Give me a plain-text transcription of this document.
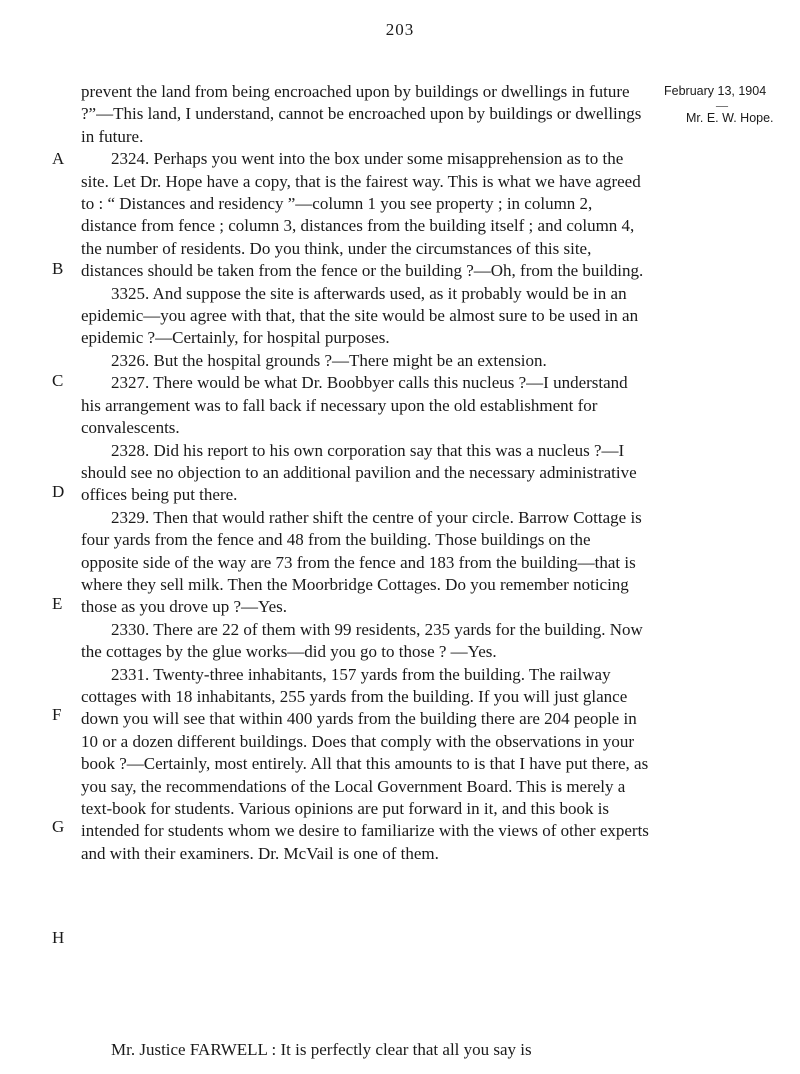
203
February 13, 1904
—
Mr. E. W. Hope.
A
B
C
D
E
F
G
H

prevent the land from being encroached upon by buildings or dwellings in future ?”—This land, I understand, cannot be encroached upon by buildings or dwellings in future.

2324. Perhaps you went into the box under some misapprehension as to the site. Let Dr. Hope have a copy, that is the fairest way. This is what we have agreed to : “ Distances and residency ”—column 1 you see property ; in column 2, distance from fence ; column 3, distances from the building itself ; and column 4, the number of residents. Do you think, under the circumstances of this site, distances should be taken from the fence or the building ?—Oh, from the building.

3325. And suppose the site is afterwards used, as it probably would be in an epidemic—you agree with that, that the site would be almost sure to be used in an epidemic ?—Certainly, for hospital purposes.

2326. But the hospital grounds ?—There might be an extension.

2327. There would be what Dr. Boobbyer calls this nucleus ?—I understand his arrangement was to fall back if necessary upon the old establishment for convalescents.

2328. Did his report to his own corporation say that this was a nucleus ?—I should see no objection to an additional pavilion and the necessary administrative offices being put there.

2329. Then that would rather shift the centre of your circle. Barrow Cottage is four yards from the fence and 48 from the building. Those buildings on the opposite side of the way are 73 from the fence and 183 from the building—that is where they sell milk. Then the Moorbridge Cottages. Do you remember noticing those as you drove up ?—Yes.

2330. There are 22 of them with 99 residents, 235 yards for the building. Now the cottages by the glue works—did you go to those ? —Yes.

2331. Twenty-three inhabitants, 157 yards from the building. The railway cottages with 18 inhabitants, 255 yards from the building. If you will just glance down you will see that within 400 yards from the building there are 204 people in 10 or a dozen different buildings. Does that comply with the observations in your book ?—Certainly, most entirely. All that this amounts to is that I have put there, as you say, the recommendations of the Local Government Board. This is merely a text-book for students. Various opinions are put forward in it, and this book is intended for students whom we desire to familiarize with the views of other experts and with their examiners. Dr. McVail is one of them.

Mr. Justice FARWELL : It is perfectly clear that all you say is
